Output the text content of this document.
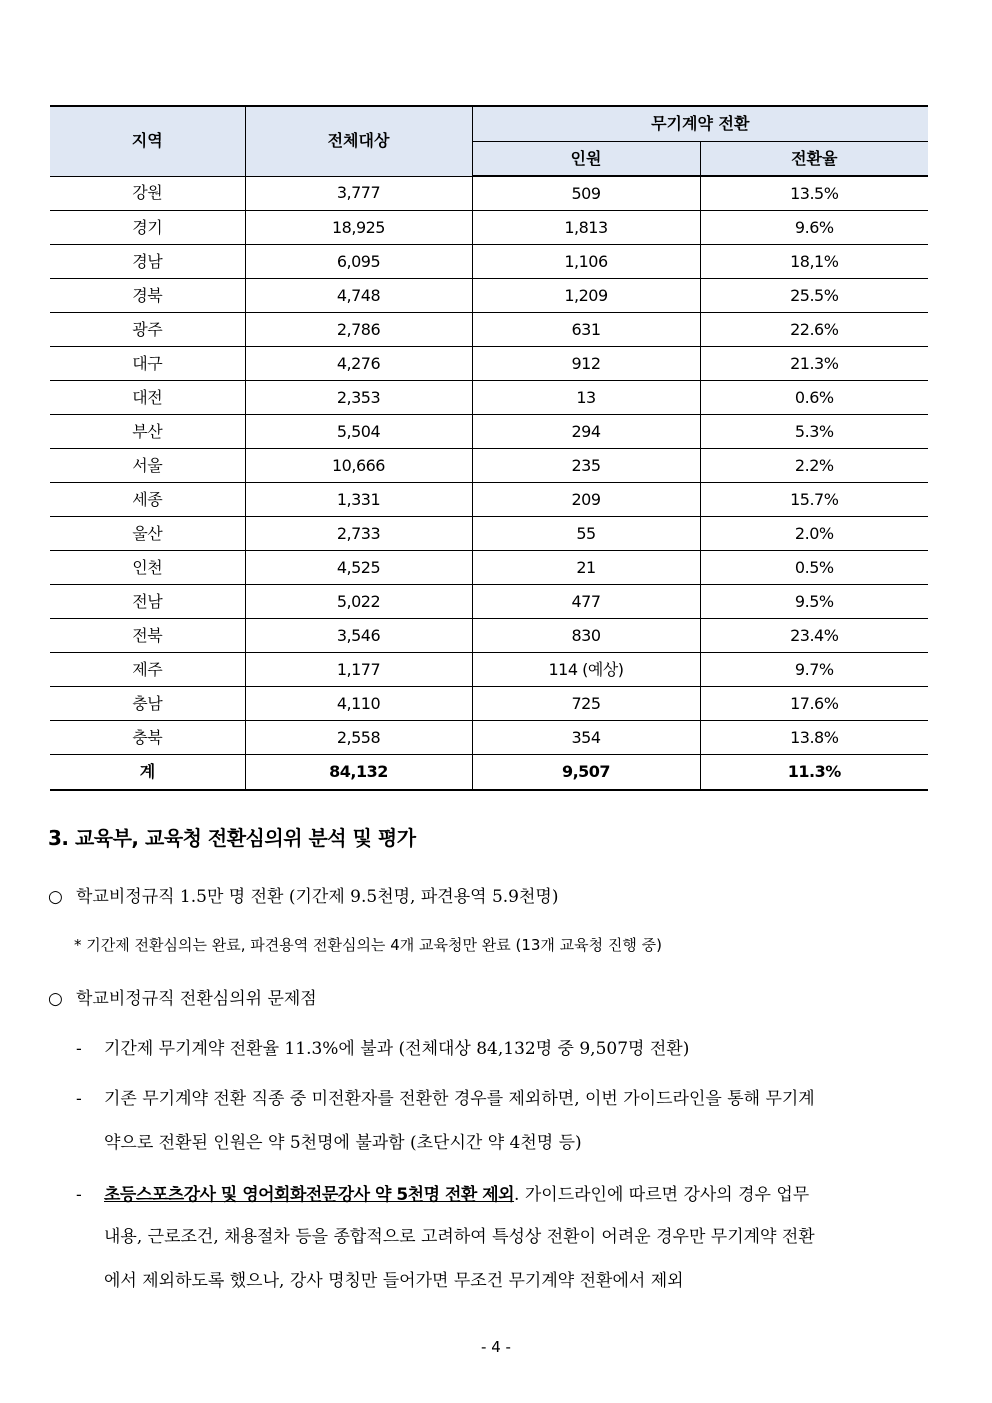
지역	전체대상	무기계약 전환	
		인원	전환율
강원	3,777	509	13.5%
경기	18,925	1,813	9.6%
경남	6,095	1,106	18,1%
경북	4,748	1,209	25.5%
광주	2,786	631	22.6%
대구	4,276	912	21.3%
대전	2,353	13	0.6%
부산	5,504	294	5.3%
서울	10,666	235	2.2%
세종	1,331	209	15.7%
울산	2,733	55	2.0%
인천	4,525	21	0.5%
전남	5,022	477	9.5%
전북	3,546	830	23.4%
제주	1,177	114 (예상)	9.7%
충남	4,110	725	17.6%
충북	2,558	354	13.8%
계	84,132	9,507	11.3%
3. 교육부, 교육청 전환심의위 분석 및 평가
○ 학교비정규직 1.5만 명 전환 (기간제 9.5천명, 파견용역 5.9천명)
* 기간제 전환심의는 완료, 파견용역 전환심의는 4개 교육청만 완료 (13개 교육청 진행 중)
○ 학교비정규직 전환심의위 문제점
- 기간제 무기계약 전환율 11.3%에 불과 (전체대상 84,132명 중 9,507명 전환)
- 기존 무기계약 전환 직종 중 미전환자를 전환한 경우를 제외하면, 이번 가이드라인을 통해 무기계
약으로 전환된 인원은 약 5천명에 불과함 (초단시간 약 4천명 등)
- 초등스포츠강사 및 영어회화전문강사 약 5천명 전환 제외. 가이드라인에 따르면 강사의 경우 업무
내용, 근로조건, 채용절차 등을 종합적으로 고려하여 특성상 전환이 어려운 경우만 무기계약 전환
에서 제외하도록 했으나, 강사 명칭만 들어가면 무조건 무기계약 전환에서 제외
- 4 -
